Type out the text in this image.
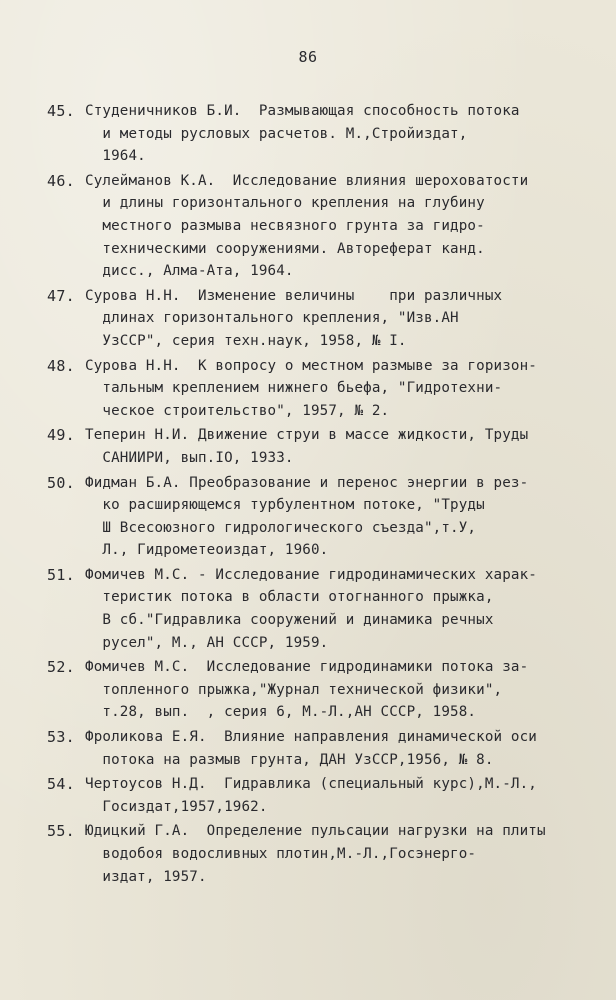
86
45. Студеничников Б.И.  Размывающая способность потока

и методы русловых расчетов. М.,Стройиздат,

1964.

46. Сулейманов К.А.  Исследование влияния шероховатости

и длины горизонтального крепления на глубину

местного размыва несвязного грунта за гидро-

техническими сооружениями. Автореферат канд.

дисс., Алма-Ата, 1964.

47. Сурова Н.Н.  Изменение величины    при различных

длинах горизонтального крепления, "Изв.АН

УзССР", серия техн.наук, 1958, № I.

48. Сурова Н.Н.  К вопросу о местном размыве за горизон-

тальным креплением нижнего бьефа, "Гидротехни-

ческое строительство", 1957, № 2.

49. Теперин Н.И. Движение струи в массе жидкости, Труды

САНИИРИ, вып.IO, 1933.

50. Фидман Б.А. Преобразование и перенос энергии в рез-

ко расширяющемся турбулентном потоке, "Труды

Ш Всесоюзного гидрологического съезда",т.У,

Л., Гидрометеоиздат, 1960.

51. Фомичев М.С. - Исследование гидродинамических харак-

теристик потока в области отогнанного прыжка,

В сб."Гидравлика сооружений и динамика речных

русел", М., АН СССР, 1959.

52. Фомичев М.С.  Исследование гидродинамики потока за-

топленного прыжка,"Журнал технической физики",

т.28, вып.  , серия 6, М.-Л.,АН СССР, 1958.

53. Фроликова Е.Я.  Влияние направления динамической оси

потока на размыв грунта, ДАН УзССР,1956, № 8.

54. Чертоусов Н.Д.  Гидравлика (специальный курс),М.-Л.,

Госиздат,1957,1962.

55. Юдицкий Г.А.  Определение пульсации нагрузки на плиты

водобоя водосливных плотин,М.-Л.,Госэнерго-

издат, 1957.
